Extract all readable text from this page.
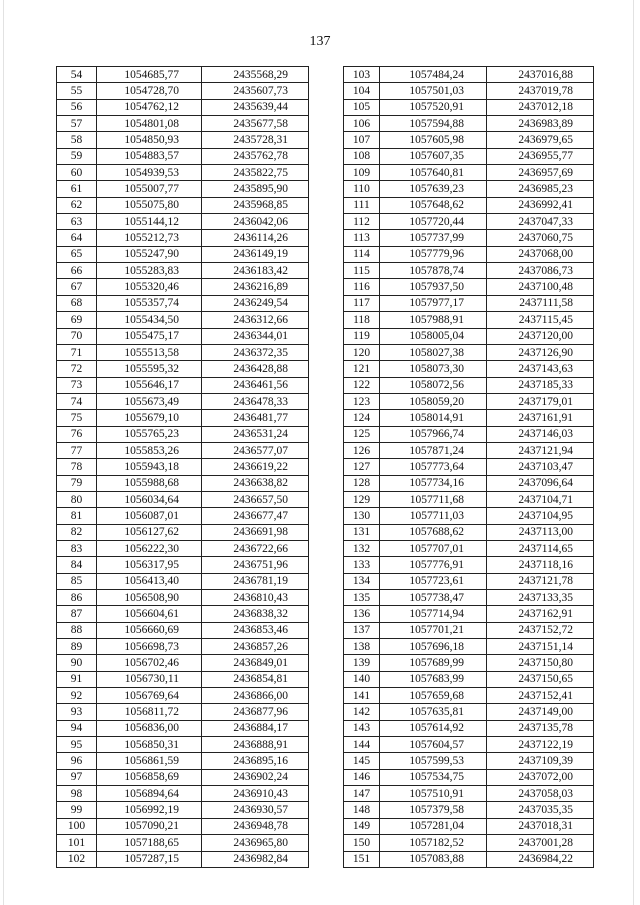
137
54	1054685,77	2435568,29
55	1054728,70	2435607,73
56	1054762,12	2435639,44
57	1054801,08	2435677,58
58	1054850,93	2435728,31
59	1054883,57	2435762,78
60	1054939,53	2435822,75
61	1055007,77	2435895,90
62	1055075,80	2435968,85
63	1055144,12	2436042,06
64	1055212,73	2436114,26
65	1055247,90	2436149,19
66	1055283,83	2436183,42
67	1055320,46	2436216,89
68	1055357,74	2436249,54
69	1055434,50	2436312,66
70	1055475,17	2436344,01
71	1055513,58	2436372,35
72	1055595,32	2436428,88
73	1055646,17	2436461,56
74	1055673,49	2436478,33
75	1055679,10	2436481,77
76	1055765,23	2436531,24
77	1055853,26	2436577,07
78	1055943,18	2436619,22
79	1055988,68	2436638,82
80	1056034,64	2436657,50
81	1056087,01	2436677,47
82	1056127,62	2436691,98
83	1056222,30	2436722,66
84	1056317,95	2436751,96
85	1056413,40	2436781,19
86	1056508,90	2436810,43
87	1056604,61	2436838,32
88	1056660,69	2436853,46
89	1056698,73	2436857,26
90	1056702,46	2436849,01
91	1056730,11	2436854,81
92	1056769,64	2436866,00
93	1056811,72	2436877,96
94	1056836,00	2436884,17
95	1056850,31	2436888,91
96	1056861,59	2436895,16
97	1056858,69	2436902,24
98	1056894,64	2436910,43
99	1056992,19	2436930,57
100	1057090,21	2436948,78
101	1057188,65	2436965,80
102	1057287,15	2436982,84
103	1057484,24	2437016,88
104	1057501,03	2437019,78
105	1057520,91	2437012,18
106	1057594,88	2436983,89
107	1057605,98	2436979,65
108	1057607,35	2436955,77
109	1057640,81	2436957,69
110	1057639,23	2436985,23
111	1057648,62	2436992,41
112	1057720,44	2437047,33
113	1057737,99	2437060,75
114	1057779,96	2437068,00
115	1057878,74	2437086,73
116	1057937,50	2437100,48
117	1057977,17	2437111,58
118	1057988,91	2437115,45
119	1058005,04	2437120,00
120	1058027,38	2437126,90
121	1058073,30	2437143,63
122	1058072,56	2437185,33
123	1058059,20	2437179,01
124	1058014,91	2437161,91
125	1057966,74	2437146,03
126	1057871,24	2437121,94
127	1057773,64	2437103,47
128	1057734,16	2437096,64
129	1057711,68	2437104,71
130	1057711,03	2437104,95
131	1057688,62	2437113,00
132	1057707,01	2437114,65
133	1057776,91	2437118,16
134	1057723,61	2437121,78
135	1057738,47	2437133,35
136	1057714,94	2437162,91
137	1057701,21	2437152,72
138	1057696,18	2437151,14
139	1057689,99	2437150,80
140	1057683,99	2437150,65
141	1057659,68	2437152,41
142	1057635,81	2437149,00
143	1057614,92	2437135,78
144	1057604,57	2437122,19
145	1057599,53	2437109,39
146	1057534,75	2437072,00
147	1057510,91	2437058,03
148	1057379,58	2437035,35
149	1057281,04	2437018,31
150	1057182,52	2437001,28
151	1057083,88	2436984,22
